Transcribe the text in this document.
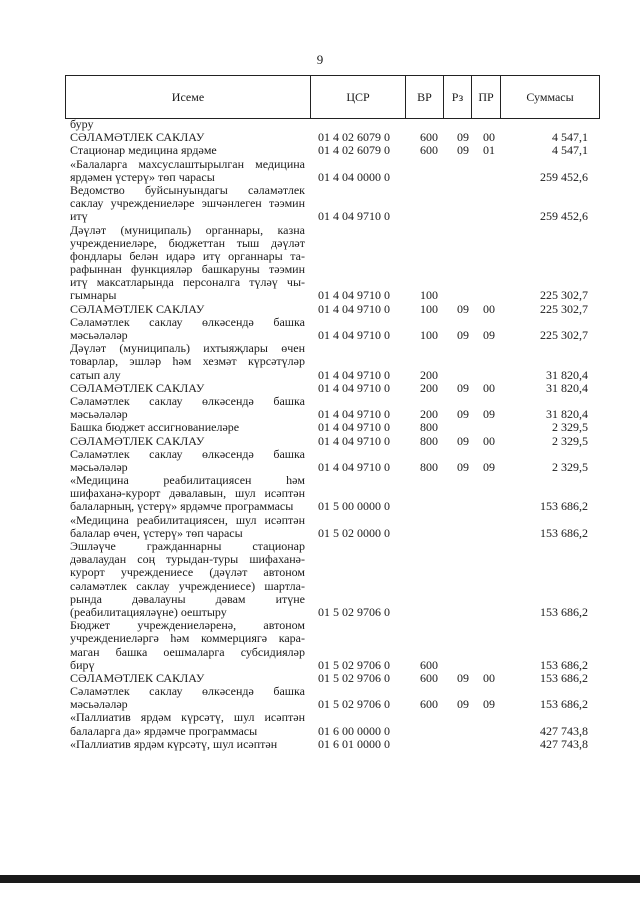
9
Исеме	ЦСР	ВР	Рз	ПР	Суммасы
буру
СӘЛАМӘТЛЕК САКЛАУ	01 4 02 6079 0	600 09 00	4 547,1
Стационар медицина ярдәме	01 4 02 6079 0	600 09 01	4 547,1
«Балаларга махсуслаштырылган медицина
ярдәмен үстерү» төп чарасы	01 4 04 0000 0	259 452,6
Ведомство буйсынуындагы сәламәтлек
саклау учреждениеләре эшчәнлеген тәэмин
итү	01 4 04 9710 0	259 452,6
Дәүләт (муниципаль) органнары, казна
учреждениеләре, бюджеттан тыш дәүләт
фондлары белән идарә итү органнары та-
рафыннан функцияләр башкаруны тәэмин
итү максатларында персоналга түләү чы-
гымнары	01 4 04 9710 0	100	225 302,7
СӘЛАМӘТЛЕК САКЛАУ	01 4 04 9710 0	100 09 00	225 302,7
Сәламәтлек саклау өлкәсендә башка
мәсьәләләр	01 4 04 9710 0	100 09 09	225 302,7
Дәүләт (муниципаль) ихтыяҗлары өчен
товарлар, эшләр һәм хезмәт күрсәтүләр
сатып алу	01 4 04 9710 0	200	31 820,4
СӘЛАМӘТЛЕК САКЛАУ	01 4 04 9710 0	200 09 00	31 820,4
Сәламәтлек саклау өлкәсендә башка
мәсьәләләр	01 4 04 9710 0	200 09 09	31 820,4
Башка бюджет ассигнованиеләре	01 4 04 9710 0	800	2 329,5
СӘЛАМӘТЛЕК САКЛАУ	01 4 04 9710 0	800 09 00	2 329,5
Сәламәтлек саклау өлкәсендә башка
мәсьәләләр	01 4 04 9710 0	800 09 09	2 329,5
«Медицина реабилитациясен һәм
шифаханә-курорт дәвалавын, шул исәптән
балаларның, үстерү» ярдәмче программасы	01 5 00 0000 0	153 686,2
«Медицина реабилитациясен, шул исәптән
балалар өчен, үстерү» төп чарасы	01 5 02 0000 0	153 686,2
Эшләүче гражданнарны стационар
дәвалаудан соң турыдан-туры шифаханә-
курорт учреждениесе (дәүләт автоном
сәламәтлек саклау учреждениесе) шартла-
рында дәвалауны дәвам итүне
(реабилитацияләүне) оештыру	01 5 02 9706 0	153 686,2
Бюджет учреждениеләренә, автоном
учреждениеләргә һәм коммерциягә кара-
маган башка оешмаларга субсидияләр
бирү	01 5 02 9706 0	600	153 686,2
СӘЛАМӘТЛЕК САКЛАУ	01 5 02 9706 0	600 09 00	153 686,2
Сәламәтлек саклау өлкәсендә башка
мәсьәләләр	01 5 02 9706 0	600 09 09	153 686,2
«Паллиатив ярдәм күрсәтү, шул исәптән
балаларга да» ярдәмче программасы	01 6 00 0000 0	427 743,8
«Паллиатив ярдәм күрсәтү, шул исәптән	01 6 01 0000 0	427 743,8
